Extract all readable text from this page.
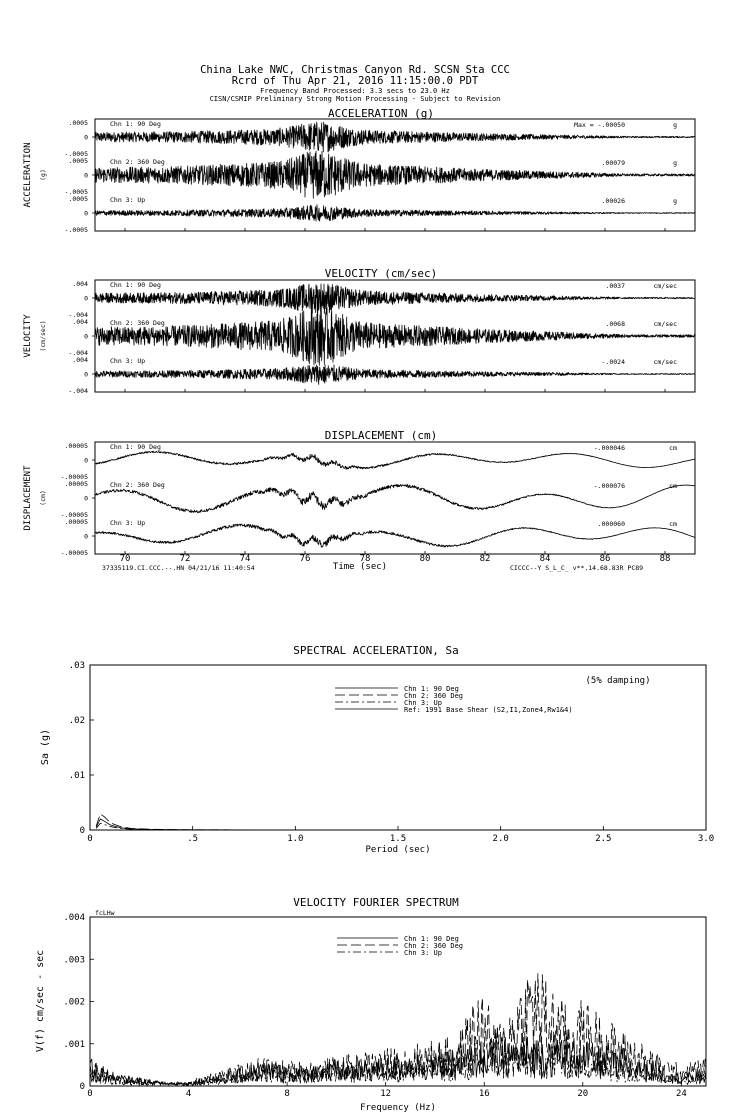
China Lake NWC, Christmas Canyon Rd. SCSN Sta CCC
Rcrd of Thu Apr 21, 2016 11:15:00.0 PDT
Frequency Band Processed: 3.3 secs to 23.0 Hz
CISN/CSMIP Preliminary Strong Motion Processing - Subject to Revision
ACCELERATION (g)
ACCELERATION (g)
.0005
0
-.0005
Chn 1: 90 Deg	Max = -.00050	g
.0005
0
-.0005
Chn 2: 360 Deg	.00079	g
.0005
0
-.0005
Chn 3: Up	.00026	g
VELOCITY (cm/sec)
VELOCITY (cm/sec)
.004
0
-.004
Chn 1: 90 Deg	.0037	cm/sec
.004
0
-.004
Chn 2: 360 Deg	.0068	cm/sec
.004
0
-.004
Chn 3: Up	-.0024	cm/sec
DISPLACEMENT (cm)
DISPLACEMENT (cm)
.00005
0
-.00005
Chn 1: 90 Deg	-.000046	cm
.00005
0
-.00005
Chn 2: 360 Deg	-.000076	cm
.00005
0
-.00005
Chn 3: Up	.000060	cm
70	72	74	76	78	80	82	84	86	88
Time (sec)
37335119.CI.CCC.--.HN 04/21/16 11:40:54	CICCC--Y S_L_C_ v**.14.68.83R PC89
SPECTRAL ACCELERATION, Sa
(5% damping)
Sa (g)
Period (sec)
0	.5	1.0	1.5	2.0	2.5	3.0
0
.01
.02
.03
Chn 1: 90 Deg
Chn 2: 360 Deg
Chn 3: Up
Ref: 1991 Base Shear (S2,I1,Zone4,Rw1&4)
VELOCITY FOURIER SPECTRUM
fcLHw
V(f) cm/sec - sec
Frequency (Hz)
0	4	8	12	16	20	24
0
.001
.002
.003
.004
Chn 1: 90 Deg
Chn 2: 360 Deg
Chn 3: Up
